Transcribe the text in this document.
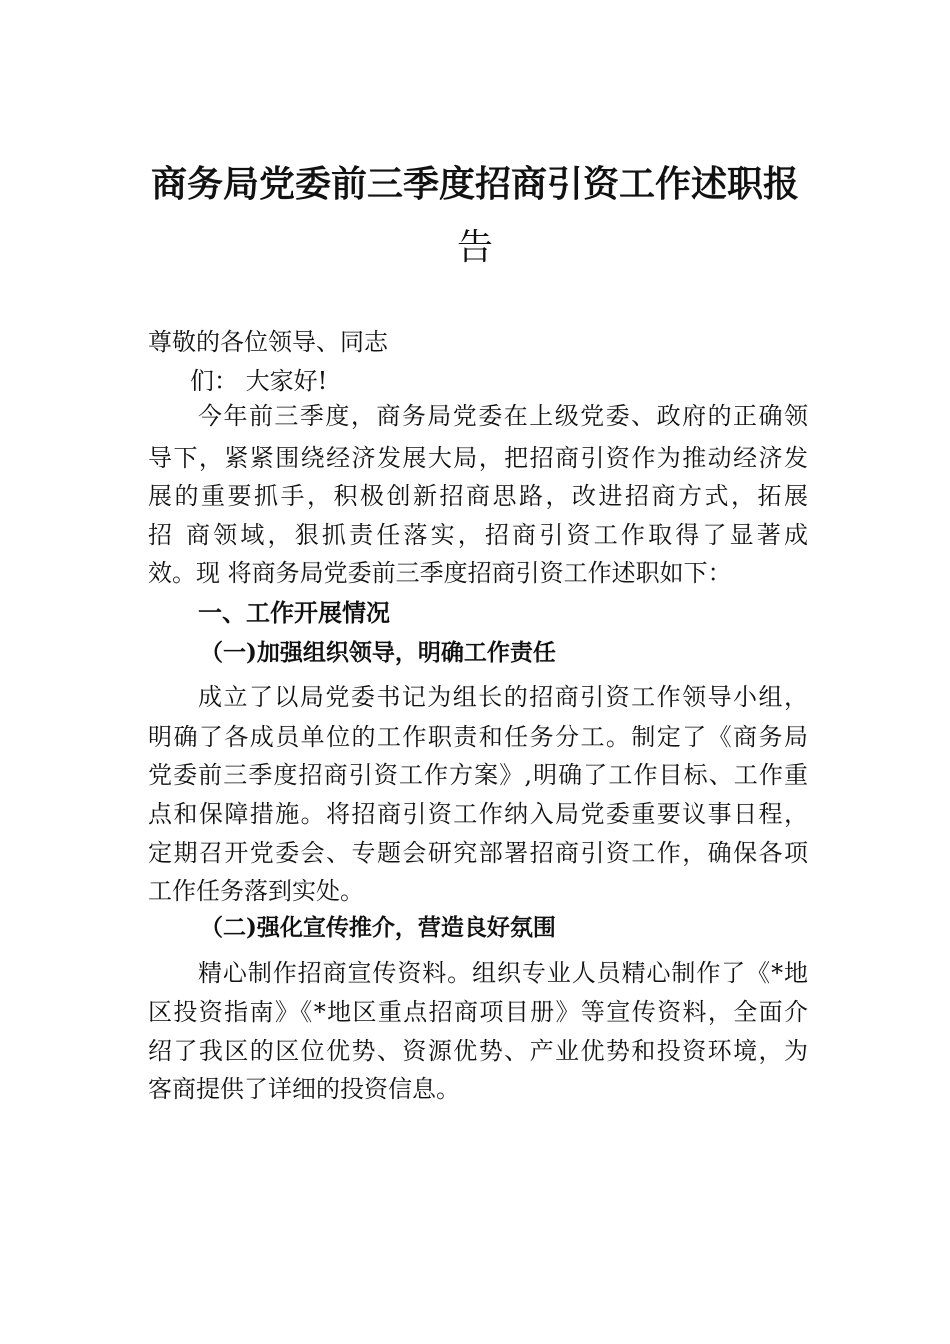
商务局党委前三季度招商引资工作述职报
告
尊敬的各位领导、同志
们： 大家好!
今年前三季度，商务局党委在上级党委、政府的正确领
导下，紧紧围绕经济发展大局，把招商引资作为推动经济发
展的重要抓手，积极创新招商思路，改进招商方式，拓展
招 商领域，狠抓责任落实，招商引资工作取得了显著成
效。现 将商务局党委前三季度招商引资工作述职如下：
一、工作开展情况
（一)加强组织领导，明确工作责任
成立了以局党委书记为组长的招商引资工作领导小组，
明确了各成员单位的工作职责和任务分工。制定了《商务局
党委前三季度招商引资工作方案》,明确了工作目标、工作重
点和保障措施。将招商引资工作纳入局党委重要议事日程，
定期召开党委会、专题会研究部署招商引资工作，确保各项
工作任务落到实处。
（二)强化宣传推介，营造良好氛围
精心制作招商宣传资料。组织专业人员精心制作了《*地
区投资指南》《*地区重点招商项目册》等宣传资料，全面介
绍了我区的区位优势、资源优势、产业优势和投资环境，为
客商提供了详细的投资信息。
